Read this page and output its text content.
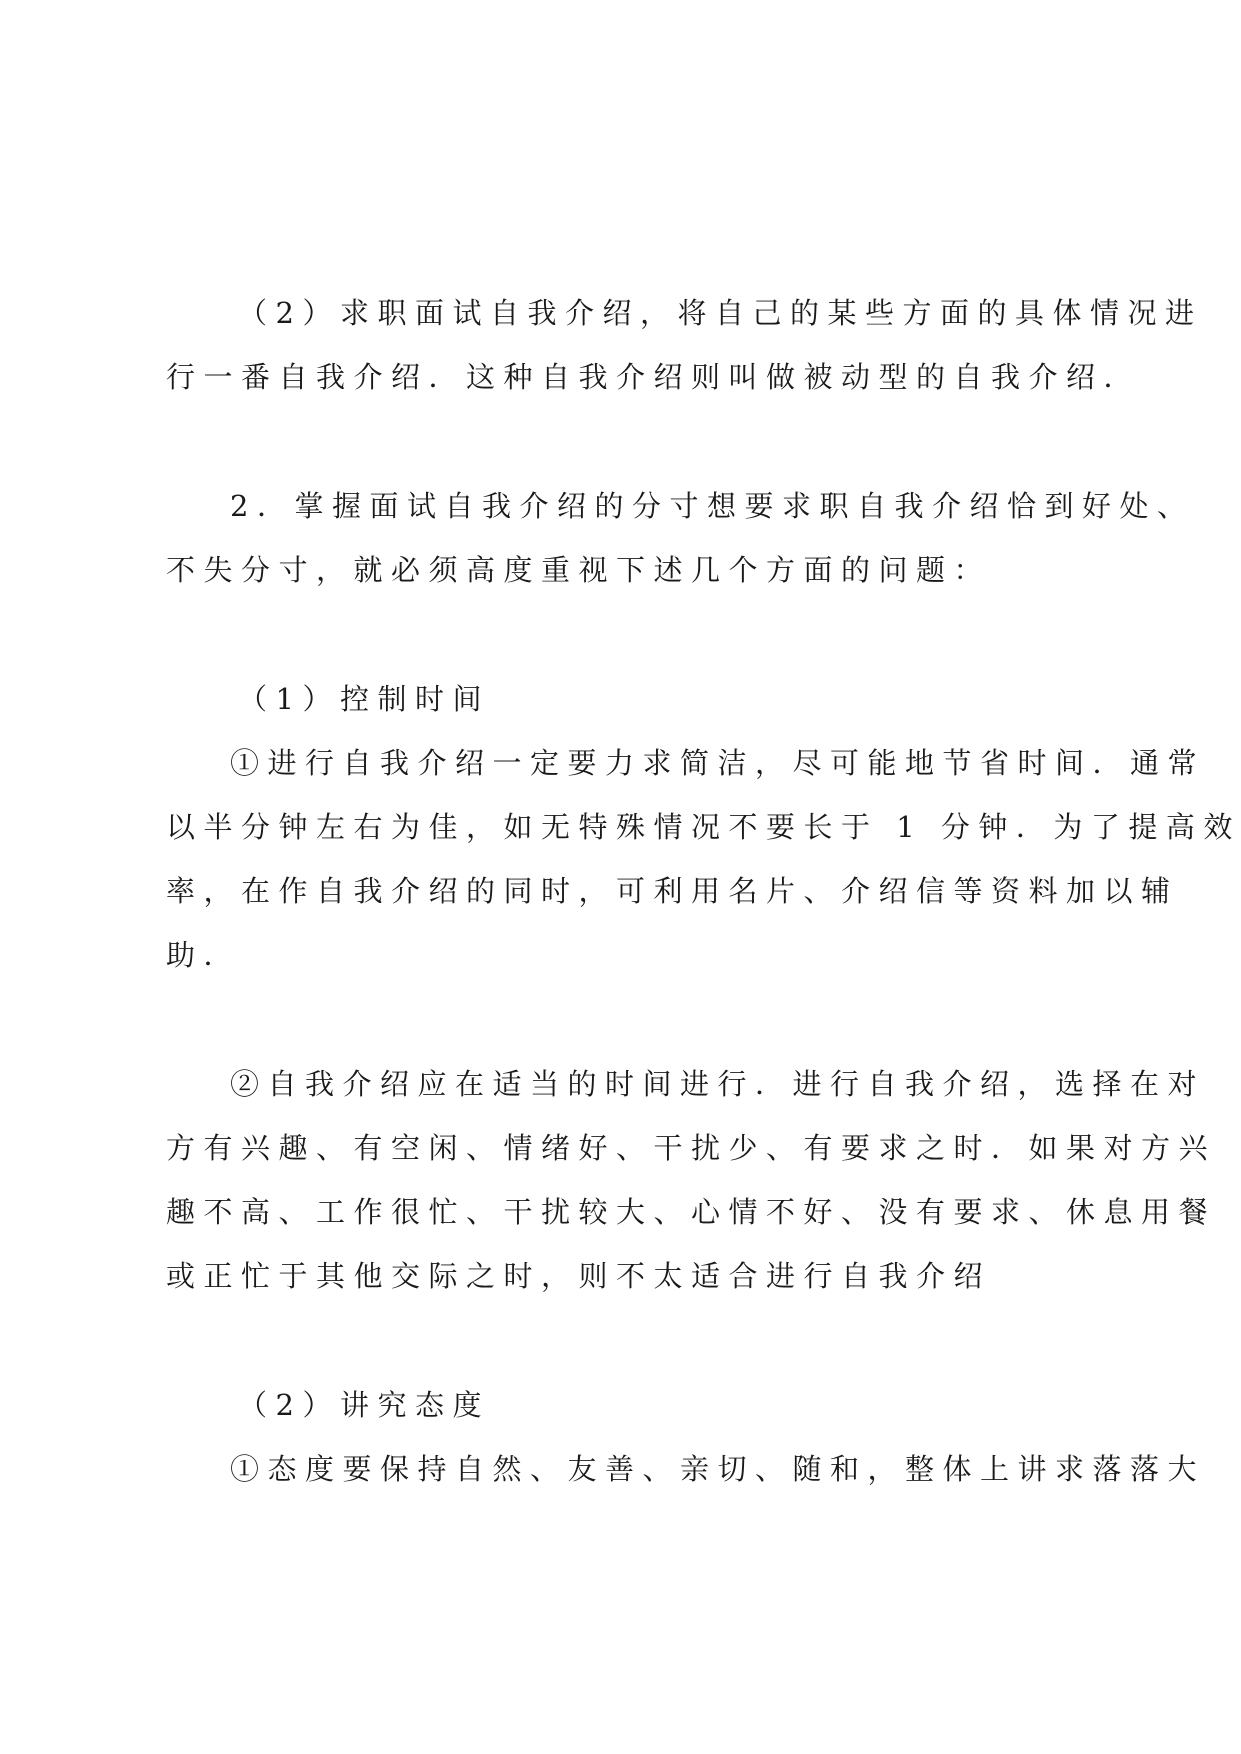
（2）求职面试自我介绍，将自己的某些方面的具体情况进
行一番自我介绍．这种自我介绍则叫做被动型的自我介绍．
2．掌握面试自我介绍的分寸想要求职自我介绍恰到好处、
不失分寸，就必须高度重视下述几个方面的问题：
（1）控制时间
①进行自我介绍一定要力求简洁，尽可能地节省时间．通常
以半分钟左右为佳，如无特殊情况不要长于 1 分钟．为了提高效
率，在作自我介绍的同时，可利用名片、介绍信等资料加以辅
助．
②自我介绍应在适当的时间进行．进行自我介绍，选择在对
方有兴趣、有空闲、情绪好、干扰少、有要求之时．如果对方兴
趣不高、工作很忙、干扰较大、心情不好、没有要求、休息用餐
或正忙于其他交际之时，则不太适合进行自我介绍
（2）讲究态度
①态度要保持自然、友善、亲切、随和，整体上讲求落落大
